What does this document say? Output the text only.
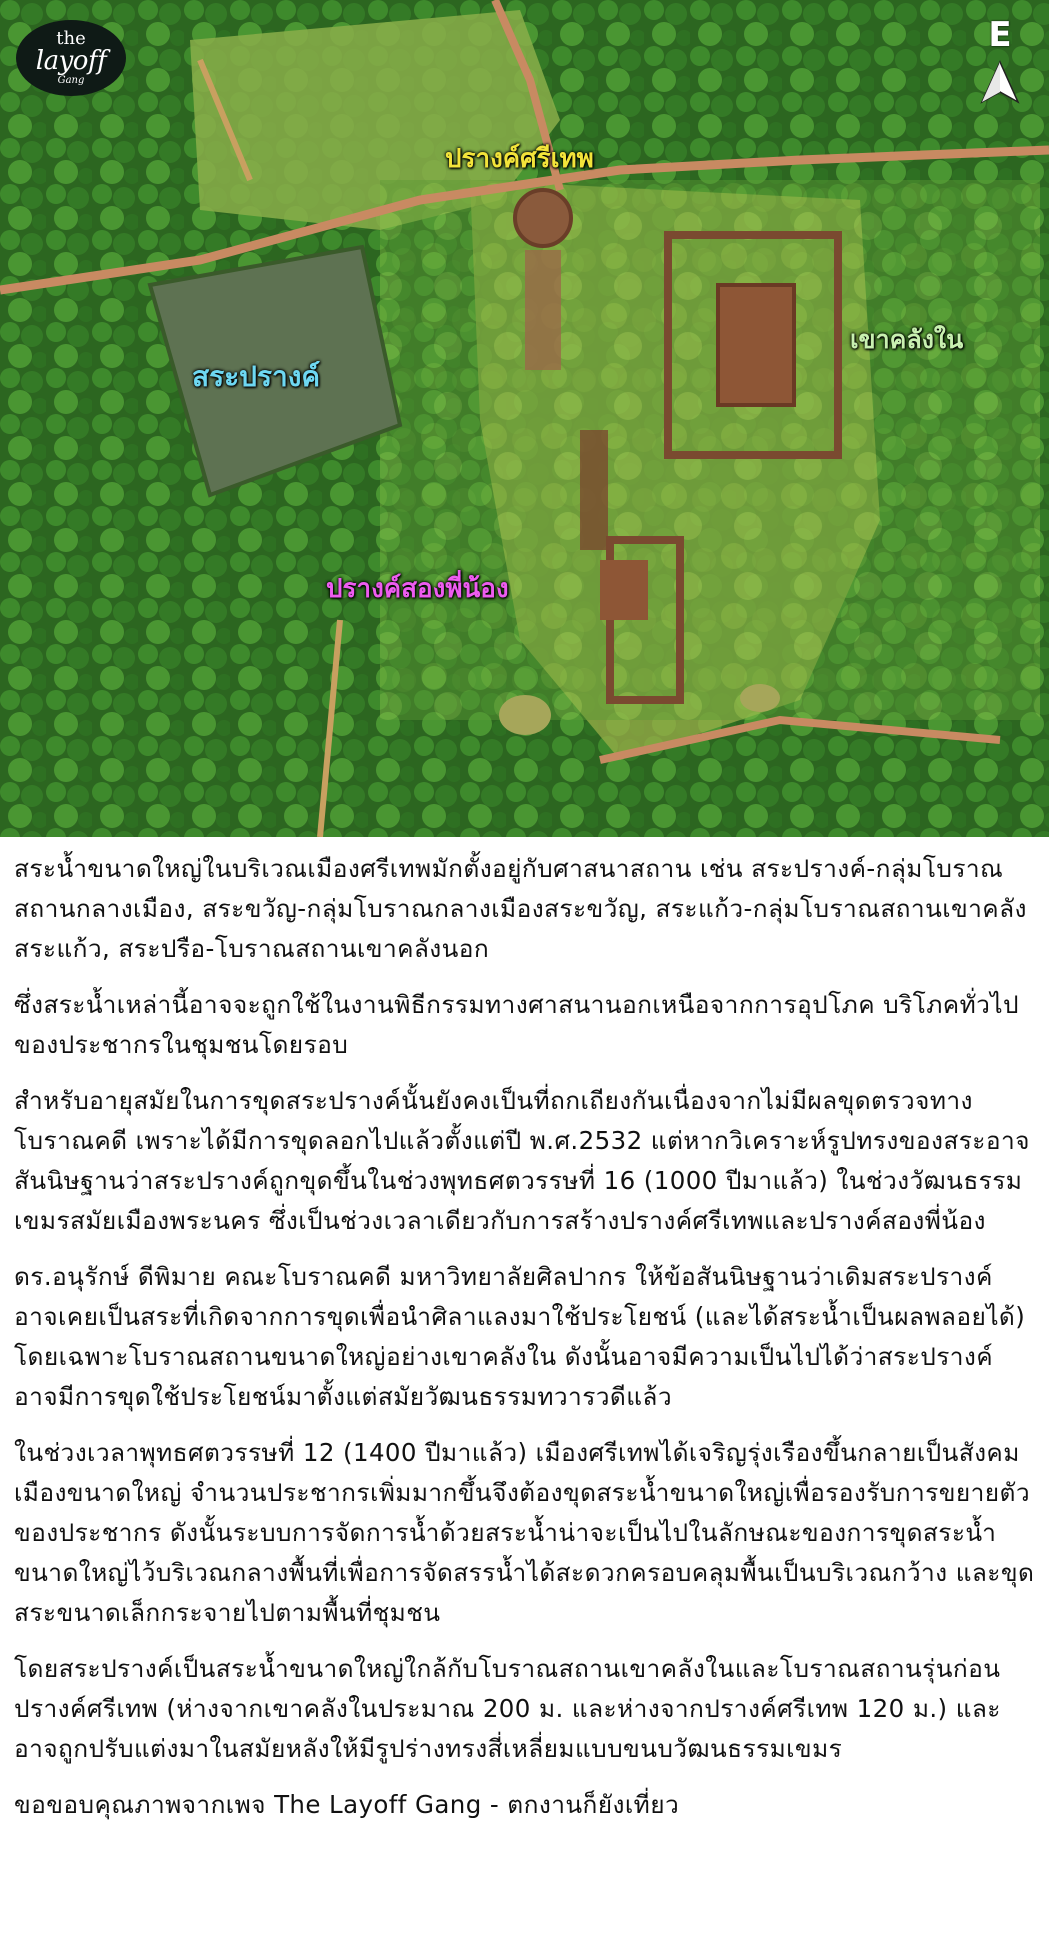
the
layoff
Gang
E
ปรางค์ศรีเทพ
เขาคลังใน
สระปรางค์
ปรางค์สองพี่น้อง

สระน้ำขนาดใหญ่ในบริเวณเมืองศรีเทพมักตั้งอยู่กับศาสนาสถาน เช่น สระปรางค์-กลุ่มโบราณสถานกลางเมือง, สระขวัญ-กลุ่มโบราณกลางเมืองสระขวัญ, สระแก้ว-กลุ่มโบราณสถานเขาคลังสระแก้ว, สระปรือ-โบราณสถานเขาคลังนอก

ซึ่งสระน้ำเหล่านี้อาจจะถูกใช้ในงานพิธีกรรมทางศาสนานอกเหนือจากการอุปโภค บริโภคทั่วไปของประชากรในชุมชนโดยรอบ

สำหรับอายุสมัยในการขุดสระปรางค์นั้นยังคงเป็นที่ถกเถียงกันเนื่องจากไม่มีผลขุดตรวจทางโบราณคดี เพราะได้มีการขุดลอกไปแล้วตั้งแต่ปี พ.ศ.2532 แต่หากวิเคราะห์รูปทรงของสระอาจสันนิษฐานว่าสระปรางค์ถูกขุดขึ้นในช่วงพุทธศตวรรษที่ 16 (1000 ปีมาแล้ว) ในช่วงวัฒนธรรมเขมรสมัยเมืองพระนคร ซึ่งเป็นช่วงเวลาเดียวกับการสร้างปรางค์ศรีเทพและปรางค์สองพี่น้อง

ดร.อนุรักษ์ ดีพิมาย คณะโบราณคดี มหาวิทยาลัยศิลปากร ให้ข้อสันนิษฐานว่าเดิมสระปรางค์อาจเคยเป็นสระที่เกิดจากการขุดเพื่อนำศิลาแลงมาใช้ประโยชน์ (และได้สระน้ำเป็นผลพลอยได้) โดยเฉพาะโบราณสถานขนาดใหญ่อย่างเขาคลังใน ดังนั้นอาจมีความเป็นไปได้ว่าสระปรางค์อาจมีการขุดใช้ประโยชน์มาตั้งแต่สมัยวัฒนธรรมทวารวดีแล้ว

ในช่วงเวลาพุทธศตวรรษที่ 12 (1400 ปีมาแล้ว) เมืองศรีเทพได้เจริญรุ่งเรืองขึ้นกลายเป็นสังคมเมืองขนาดใหญ่ จำนวนประชากรเพิ่มมากขึ้นจึงต้องขุดสระน้ำขนาดใหญ่เพื่อรองรับการขยายตัวของประชากร ดังนั้นระบบการจัดการน้ำด้วยสระน้ำน่าจะเป็นไปในลักษณะของการขุดสระน้ำขนาดใหญ่ไว้บริเวณกลางพื้นที่เพื่อการจัดสรรน้ำได้สะดวกครอบคลุมพื้นเป็นบริเวณกว้าง และขุดสระขนาดเล็กกระจายไปตามพื้นที่ชุมชน

โดยสระปรางค์เป็นสระน้ำขนาดใหญ่ใกล้กับโบราณสถานเขาคลังในและโบราณสถานรุ่นก่อนปรางค์ศรีเทพ (ห่างจากเขาคลังในประมาณ 200 ม. และห่างจากปรางค์ศรีเทพ 120 ม.) และอาจถูกปรับแต่งมาในสมัยหลังให้มีรูปร่างทรงสี่เหลี่ยมแบบขนบวัฒนธรรมเขมร

ขอขอบคุณภาพจากเพจ The Layoff Gang - ตกงานก็ยังเที่ยว
